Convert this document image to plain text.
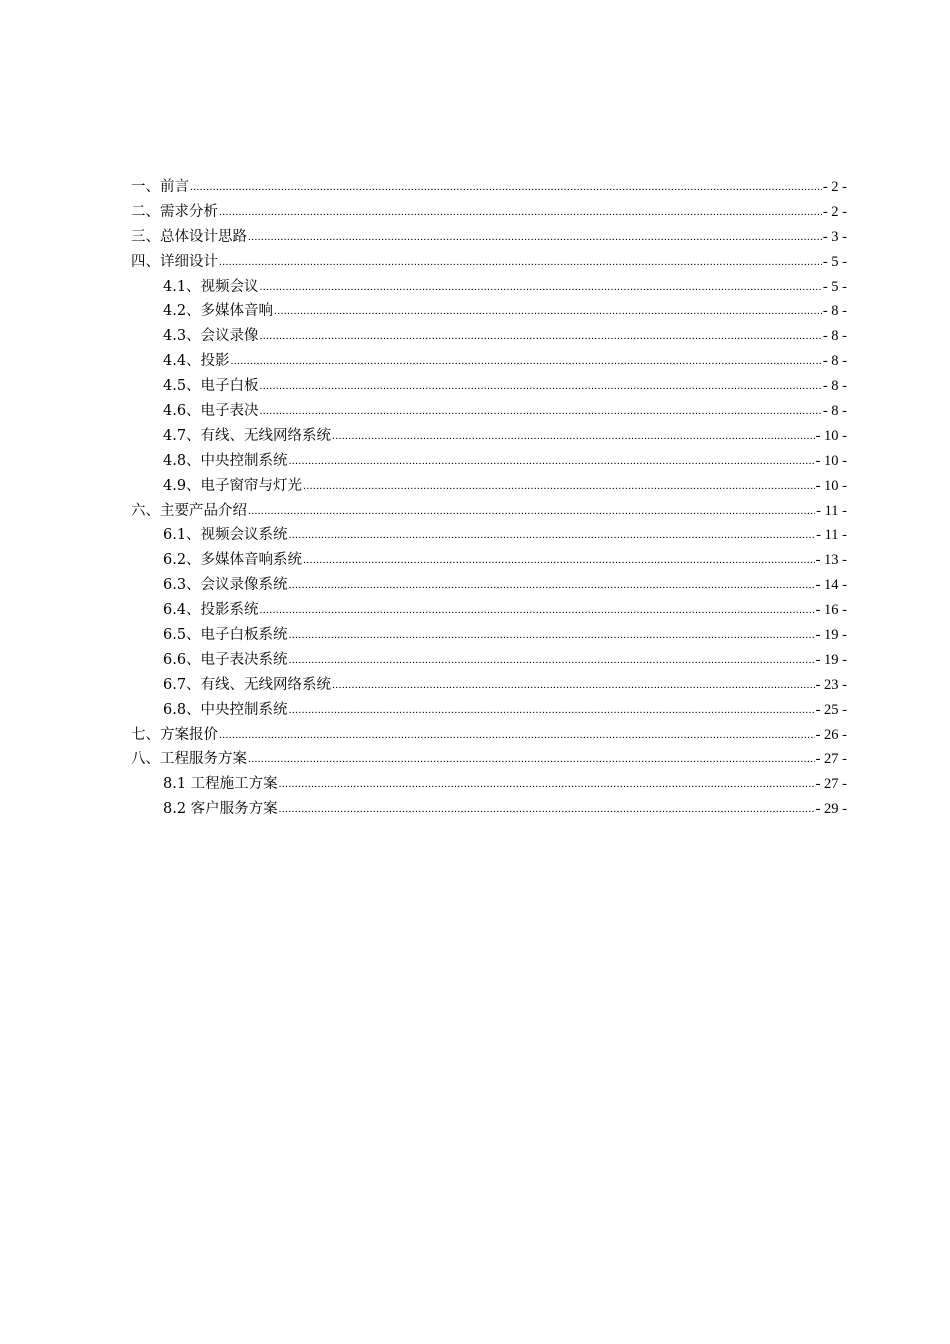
一、前言 .....	- 2 -
二、需求分析 .....	- 2 -
三、总体设计思路 .....	- 3 -
四、详细设计 .....	- 5 -
4.1、视频会议 .....	- 5 -
4.2、多媒体音响 .....	- 8 -
4.3、会议录像 .....	- 8 -
4.4、投影 .....	- 8 -
4.5、电子白板 .....	- 8 -
4.6、电子表决 .....	- 8 -
4.7、有线、无线网络系统 .....	- 10 -
4.8、中央控制系统 .....	- 10 -
4.9、电子窗帘与灯光 .....	- 10 -
六、主要产品介绍 .....	- 11 -
6.1、视频会议系统 .....	- 11 -
6.2、多媒体音响系统 .....	- 13 -
6.3、会议录像系统 .....	- 14 -
6.4、投影系统 .....	- 16 -
6.5、电子白板系统 .....	- 19 -
6.6、电子表决系统 .....	- 19 -
6.7、有线、无线网络系统 .....	- 23 -
6.8、中央控制系统 .....	- 25 -
七、方案报价 .....	- 26 -
八、工程服务方案 .....	- 27 -
8.1 工程施工方案 .....	- 27 -
8.2 客户服务方案 .....	- 29 -
